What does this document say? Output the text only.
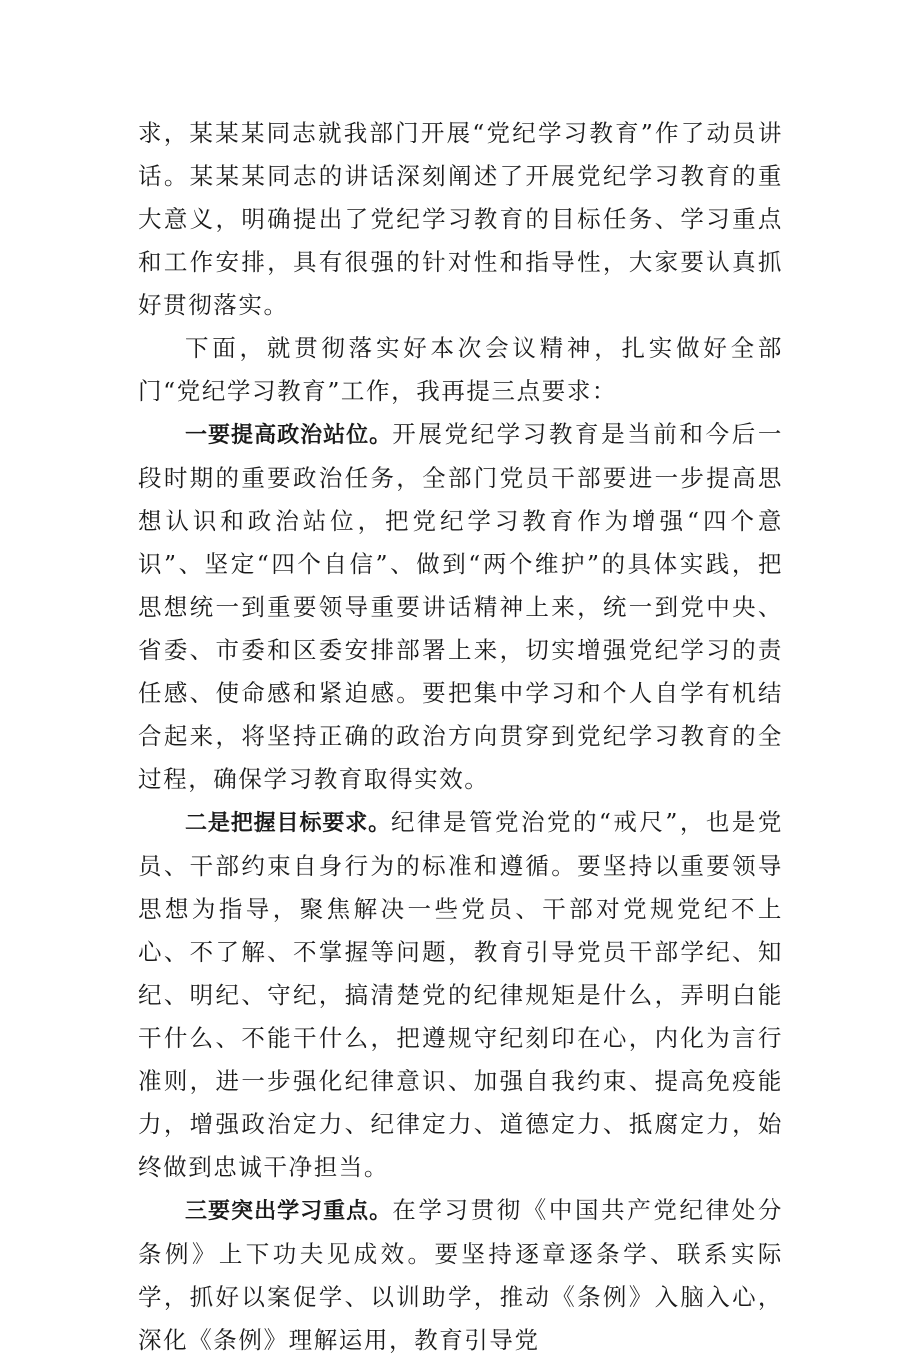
求，某某某同志就我部门开展“党纪学习教育”作了动员讲话。某某某同志的讲话深刻阐述了开展党纪学习教育的重大意义，明确提出了党纪学习教育的目标任务、学习重点和工作安排，具有很强的针对性和指导性，大家要认真抓好贯彻落实。

下面，就贯彻落实好本次会议精神，扎实做好全部门“党纪学习教育”工作，我再提三点要求：

一要提高政治站位。开展党纪学习教育是当前和今后一段时期的重要政治任务，全部门党员干部要进一步提高思想认识和政治站位，把党纪学习教育作为增强“四个意识”、坚定“四个自信”、做到“两个维护”的具体实践，把思想统一到重要领导重要讲话精神上来，统一到党中央、省委、市委和区委安排部署上来，切实增强党纪学习的责任感、使命感和紧迫感。要把集中学习和个人自学有机结合起来，将坚持正确的政治方向贯穿到党纪学习教育的全过程，确保学习教育取得实效。

二是把握目标要求。纪律是管党治党的“戒尺”，也是党员、干部约束自身行为的标准和遵循。要坚持以重要领导思想为指导，聚焦解决一些党员、干部对党规党纪不上心、不了解、不掌握等问题，教育引导党员干部学纪、知纪、明纪、守纪，搞清楚党的纪律规矩是什么，弄明白能干什么、不能干什么，把遵规守纪刻印在心，内化为言行准则，进一步强化纪律意识、加强自我约束、提高免疫能力，增强政治定力、纪律定力、道德定力、抵腐定力，始终做到忠诚干净担当。

三要突出学习重点。在学习贯彻《中国共产党纪律处分条例》上下功夫见成效。要坚持逐章逐条学、联系实际学，抓好以案促学、以训助学，推动《条例》入脑入心，深化《条例》理解运用，教育引导党
